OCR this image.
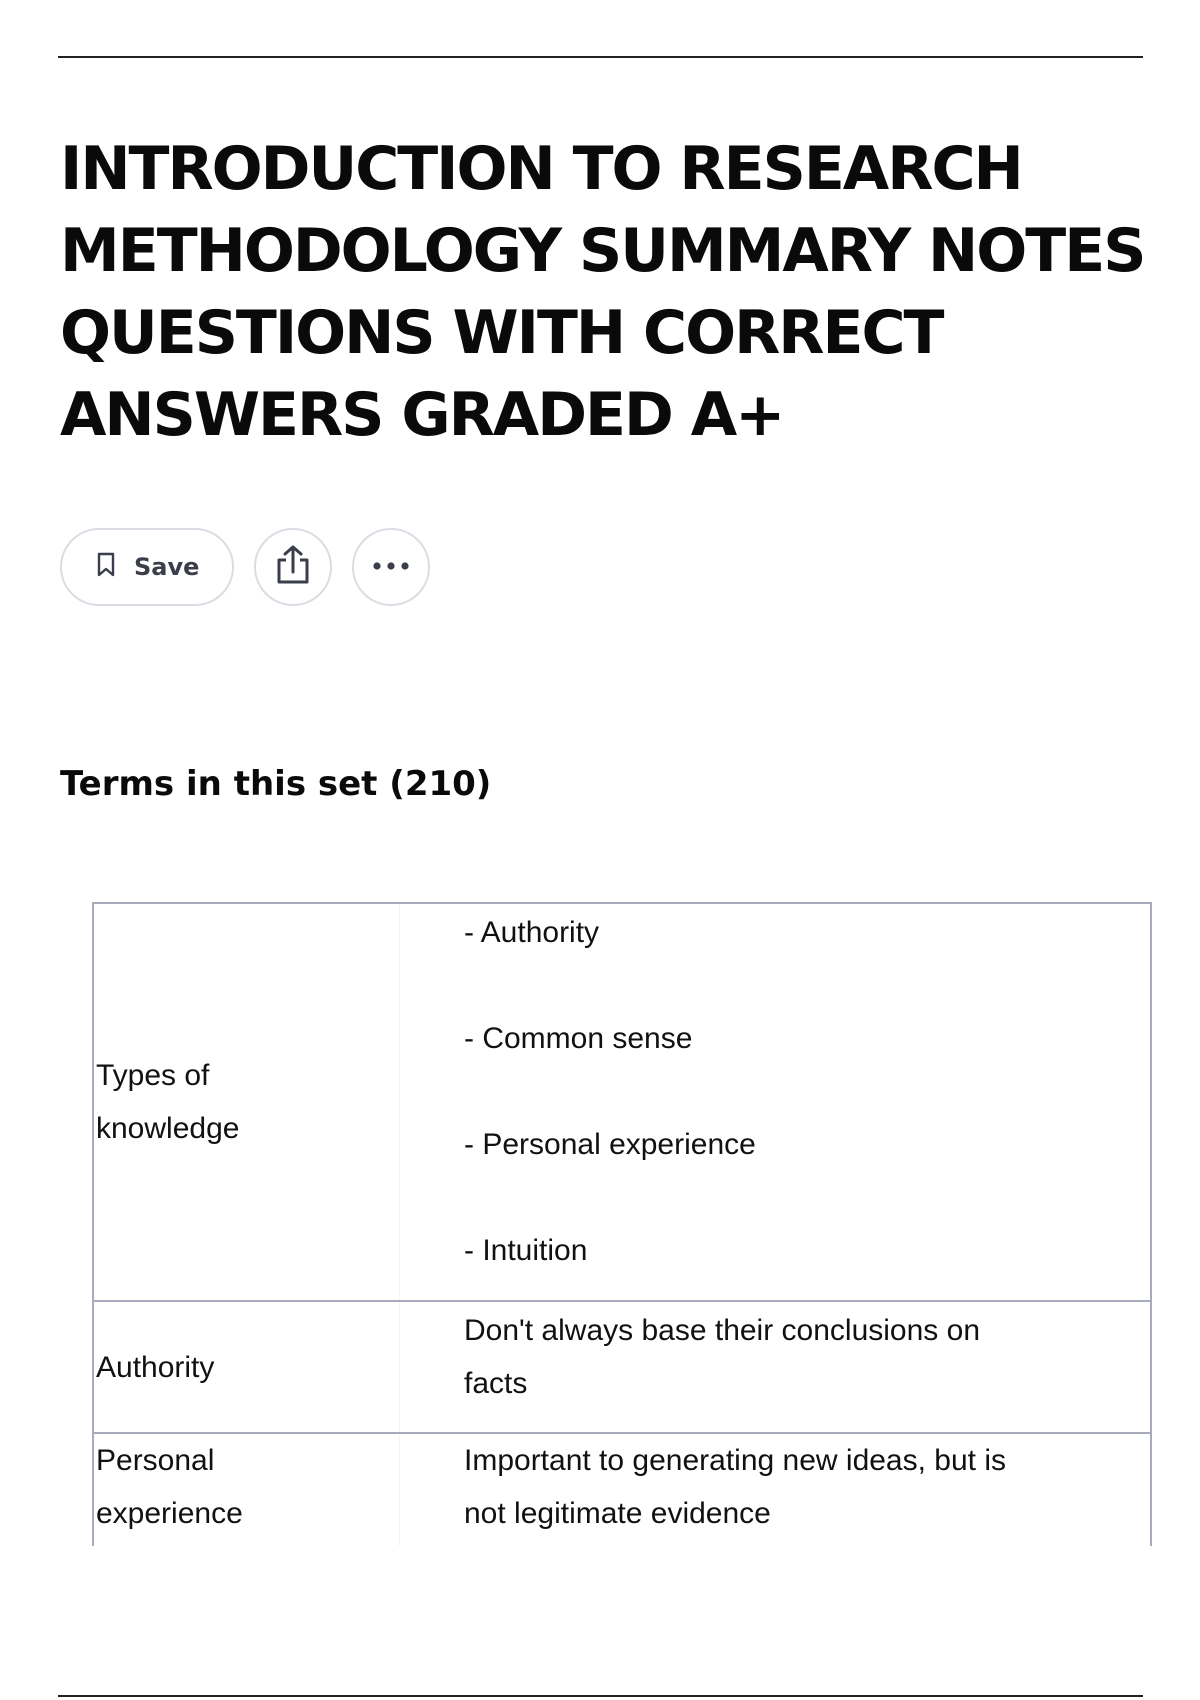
INTRODUCTION TO RESEARCH METHODOLOGY SUMMARY NOTES QUESTIONS WITH CORRECT ANSWERS GRADED A+
Save
Terms in this set (210)
Types of knowledge
- Authority
- Common sense
- Personal experience
- Intuition
Authority
Don't always base their conclusions on facts
Personal experience
Important to generating new ideas, but is not legitimate evidence
